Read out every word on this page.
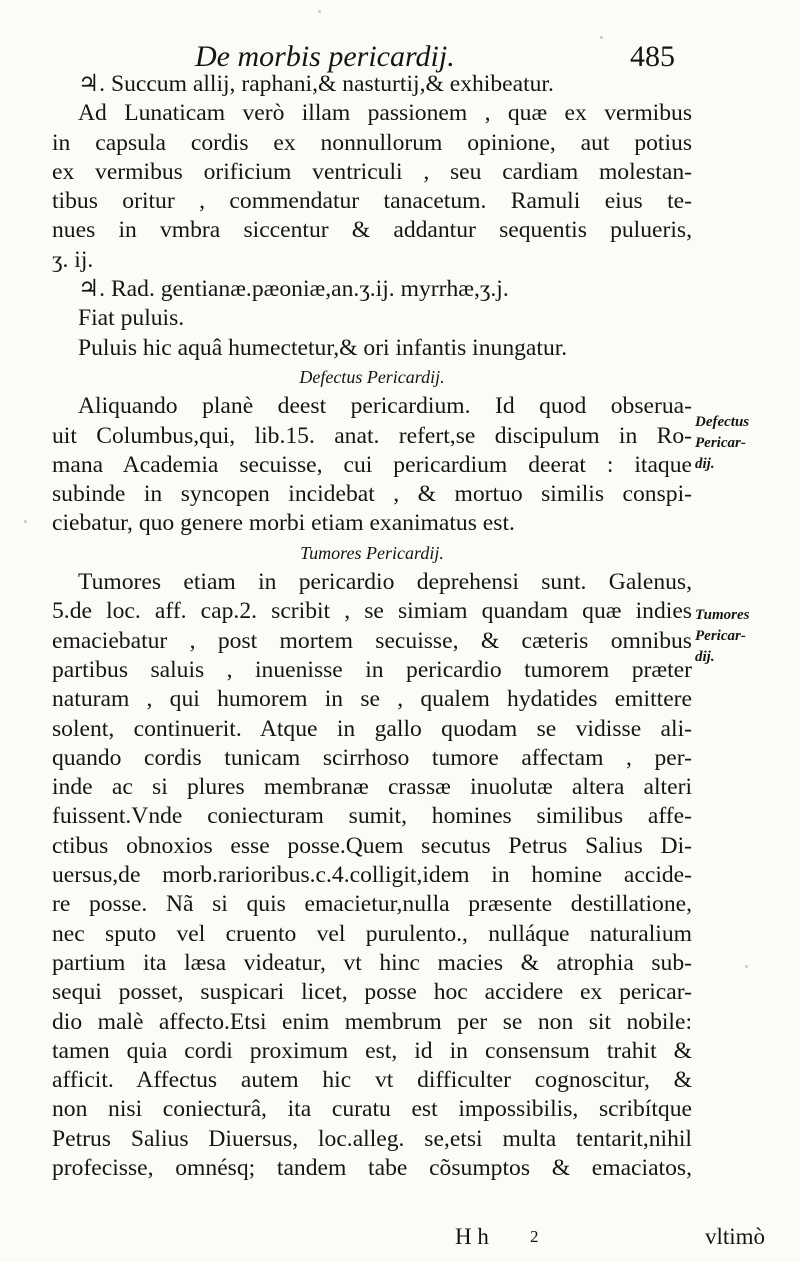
De morbis pericardij.	485
♃. Succum allij, raphani,& nasturtij,& exhibeatur.
Ad Lunaticam verò illam passionem , quæ ex vermibus
in capsula cordis ex nonnullorum opinione, aut potius
ex vermibus orificium ventriculi , seu cardiam molestan-
tibus oritur , commendatur tanacetum. Ramuli eius te-
nues in vmbra siccentur & addantur sequentis pulueris,
ʒ. ij.
♃. Rad. gentianæ.pæoniæ,an.ʒ.ij. myrrhæ,ʒ.j.
Fiat puluis.
Puluis hic aquâ humectetur,& ori infantis inungatur.
Defectus Pericardij.
Aliquando planè deest pericardium. Id quod obserua-
uit Columbus,qui, lib.15. anat. refert,se discipulum in Ro-
mana Academia secuisse, cui pericardium deerat : itaque
subinde in syncopen incidebat , & mortuo similis conspi-
ciebatur, quo genere morbi etiam exanimatus est.
Tumores Pericardij.
Tumores etiam in pericardio deprehensi sunt. Galenus,
5.de loc. aff. cap.2. scribit , se simiam quandam quæ indies
emaciebatur , post mortem secuisse, & cæteris omnibus
partibus saluis , inuenisse in pericardio tumorem præter
naturam , qui humorem in se , qualem hydatides emittere
solent, continuerit. Atque in gallo quodam se vidisse ali-
quando cordis tunicam scirrhoso tumore affectam , per-
inde ac si plures membranæ crassæ inuolutæ altera alteri
fuissent.Vnde coniecturam sumit, homines similibus affe-
ctibus obnoxios esse posse.Quem secutus Petrus Salius Di-
uersus,de morb.rarioribus.c.4.colligit,idem in homine accide-
re posse. Nã si quis emacietur,nulla præsente destillatione,
nec sputo vel cruento vel purulento., nulláque naturalium
partium ita læsa videatur, vt hinc macies & atrophia sub-
sequi posset, suspicari licet, posse hoc accidere ex pericar-
dio malè affecto.Etsi enim membrum per se non sit nobile:
tamen quia cordi proximum est, id in consensum trahit &
afficit. Affectus autem hic vt difficulter cognoscitur, &
non nisi coniecturâ, ita curatu est impossibilis, scribítque
Petrus Salius Diuersus, loc.alleg. se,etsi multa tentarit,nihil
profecisse, omnésq; tandem tabe cõsumptos & emaciatos,
Defectus
Pericar-
dij.
Tumores
Pericar-
dij.
H h 2	vltimò
